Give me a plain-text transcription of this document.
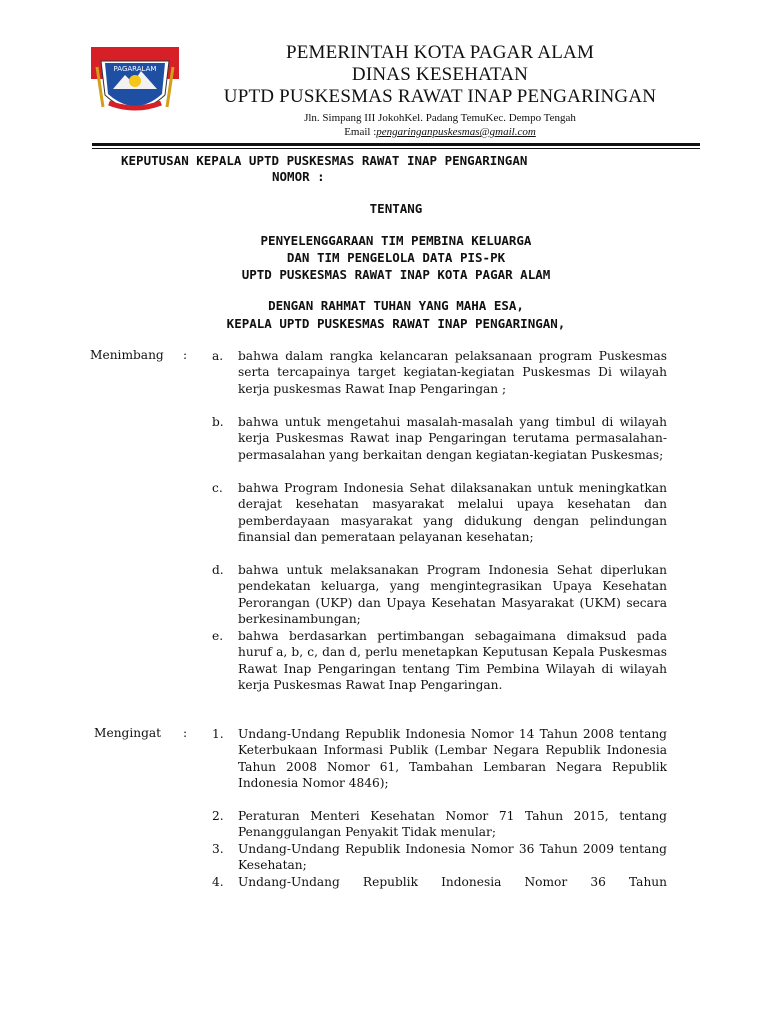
PAGARALAM
PEMERINTAH KOTA PAGAR ALAM
DINAS KESEHATAN
UPTD PUSKESMAS RAWAT INAP PENGARINGAN
Jln. Simpang III JokohKel. Padang TemuKec. Dempo Tengah
Email :pengaringanpuskesmas@gmail.com
KEPUTUSAN KEPALA UPTD PUSKESMAS RAWAT INAP PENGARINGAN
NOMOR :
TENTANG
PENYELENGGARAAN TIM PEMBINA KELUARGA
DAN TIM PENGELOLA DATA PIS-PK
UPTD PUSKESMAS RAWAT INAP KOTA PAGAR ALAM
DENGAN RAHMAT TUHAN YANG MAHA ESA,
KEPALA UPTD PUSKESMAS RAWAT INAP PENGARINGAN,
Menimbang : a. bahwa dalam rangka kelancaran pelaksanaan program Puskesmas serta tercapainya target kegiatan-kegiatan Puskesmas Di wilayah kerja puskesmas Rawat Inap Pengaringan ;
b. bahwa untuk mengetahui masalah-masalah yang timbul di wilayah kerja Puskesmas Rawat inap Pengaringan terutama permasalahan-permasalahan yang berkaitan dengan kegiatan-kegiatan Puskesmas;
c. bahwa Program Indonesia Sehat dilaksanakan untuk meningkatkan derajat kesehatan masyarakat melalui upaya kesehatan dan pemberdayaan masyarakat yang didukung dengan pelindungan finansial dan pemerataan pelayanan kesehatan;
d. bahwa untuk melaksanakan Program Indonesia Sehat diperlukan pendekatan keluarga, yang mengintegrasikan Upaya Kesehatan Perorangan (UKP) dan Upaya Kesehatan Masyarakat (UKM) secara berkesinambungan;
e. bahwa berdasarkan pertimbangan sebagaimana dimaksud pada huruf a, b, c, dan d, perlu menetapkan Keputusan Kepala Puskesmas Rawat Inap Pengaringan tentang Tim Pembina Wilayah di wilayah kerja Puskesmas Rawat Inap Pengaringan.
Mengingat : 1. Undang-Undang Republik Indonesia Nomor 14 Tahun 2008 tentang Keterbukaan Informasi Publik (Lembar Negara Republik Indonesia Tahun 2008 Nomor 61, Tambahan Lembaran Negara Republik Indonesia Nomor 4846);
2. Peraturan Menteri Kesehatan Nomor 71 Tahun 2015, tentang Penanggulangan Penyakit Tidak menular;
3. Undang-Undang Republik Indonesia Nomor 36 Tahun 2009 tentang Kesehatan;
4. Undang-Undang Republik Indonesia Nomor 36 Tahun
